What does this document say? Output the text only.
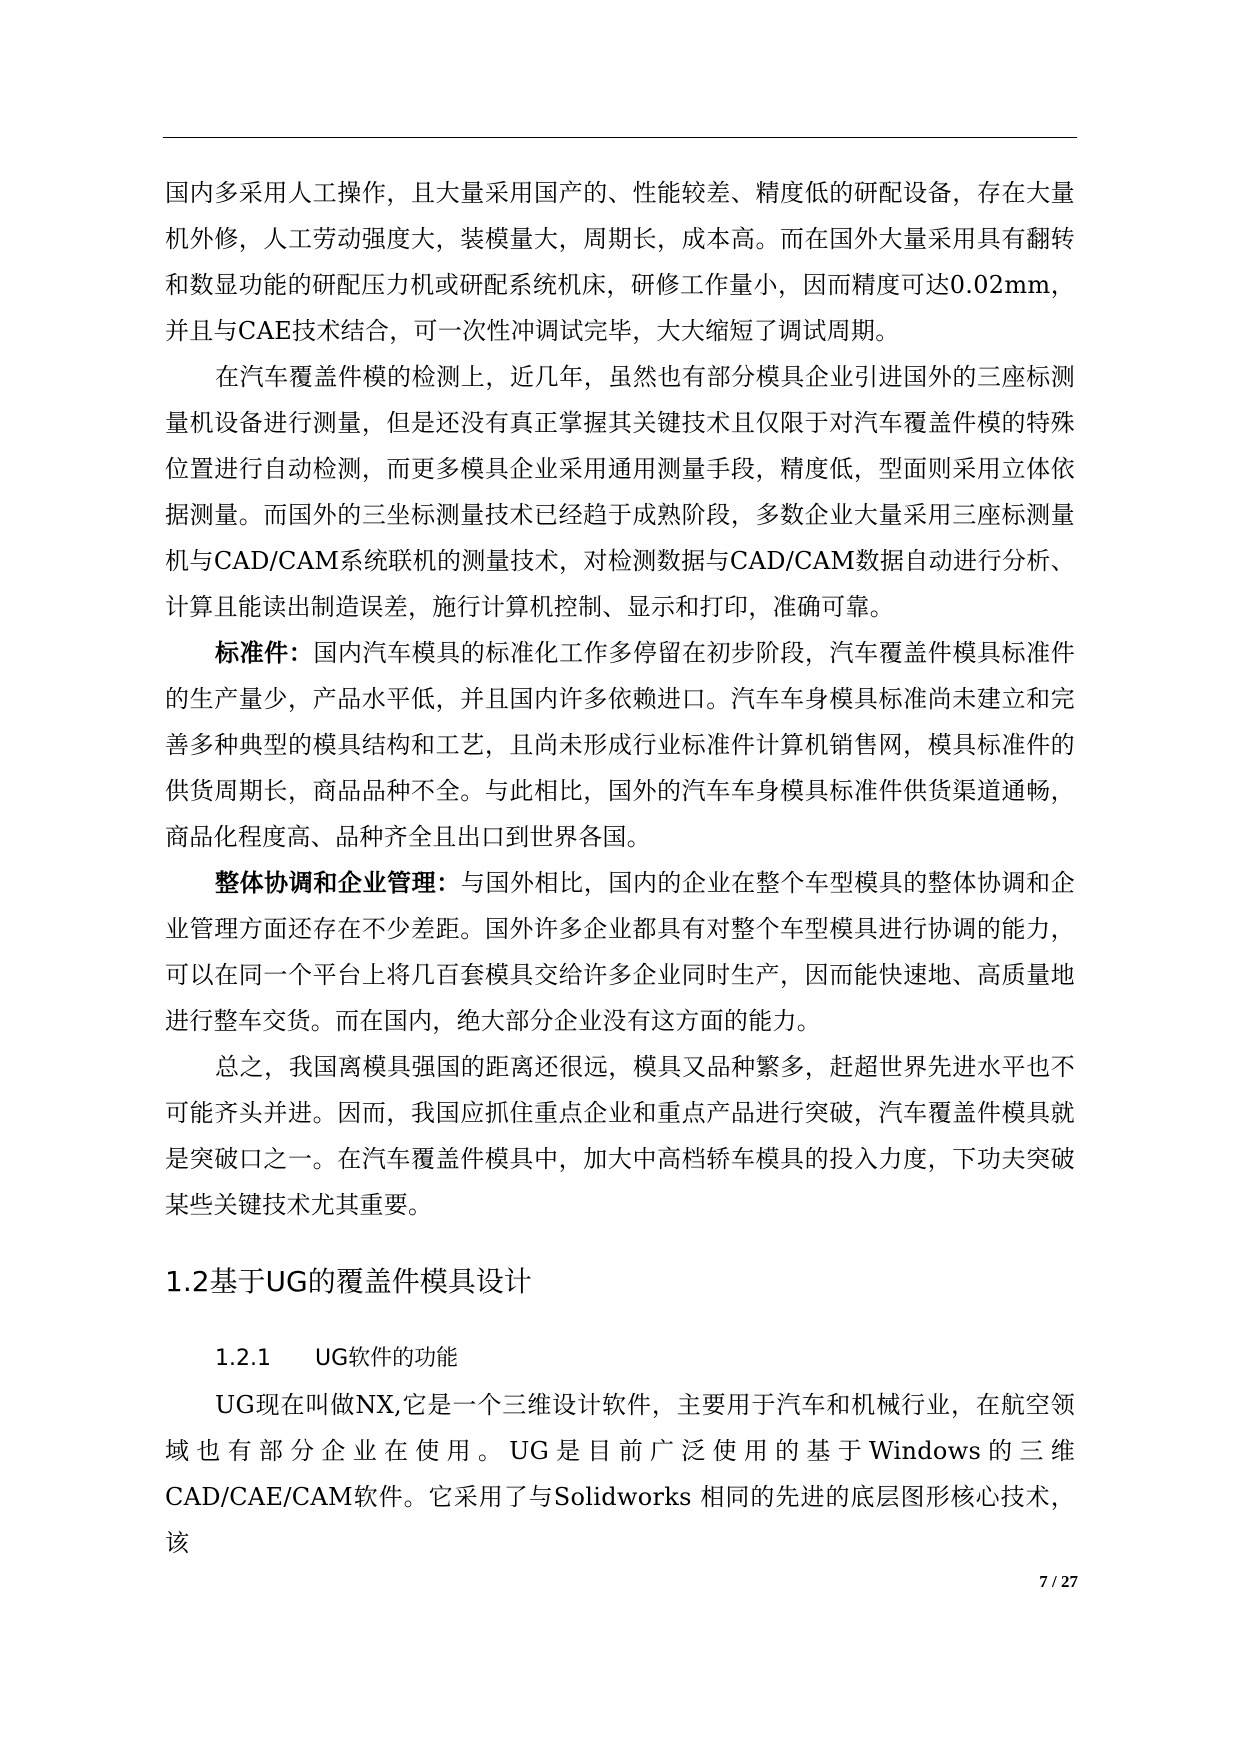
国内多采用人工操作，且大量采用国产的、性能较差、精度低的研配设备，存在大量机外修，人工劳动强度大，装模量大，周期长，成本高。而在国外大量采用具有翻转和数显功能的研配压力机或研配系统机床，研修工作量小，因而精度可达0.02mm，并且与CAE技术结合，可一次性冲调试完毕，大大缩短了调试周期。

在汽车覆盖件模的检测上，近几年，虽然也有部分模具企业引进国外的三座标测量机设备进行测量，但是还没有真正掌握其关键技术且仅限于对汽车覆盖件模的特殊位置进行自动检测，而更多模具企业采用通用测量手段，精度低，型面则采用立体依据测量。而国外的三坐标测量技术已经趋于成熟阶段，多数企业大量采用三座标测量机与CAD/CAM系统联机的测量技术，对检测数据与CAD/CAM数据自动进行分析、计算且能读出制造误差，施行计算机控制、显示和打印，准确可靠。

标准件：国内汽车模具的标准化工作多停留在初步阶段，汽车覆盖件模具标准件的生产量少，产品水平低，并且国内许多依赖进口。汽车车身模具标准尚未建立和完善多种典型的模具结构和工艺，且尚未形成行业标准件计算机销售网，模具标准件的供货周期长，商品品种不全。与此相比，国外的汽车车身模具标准件供货渠道通畅，商品化程度高、品种齐全且出口到世界各国。

整体协调和企业管理：与国外相比，国内的企业在整个车型模具的整体协调和企业管理方面还存在不少差距。国外许多企业都具有对整个车型模具进行协调的能力，可以在同一个平台上将几百套模具交给许多企业同时生产，因而能快速地、高质量地进行整车交货。而在国内，绝大部分企业没有这方面的能力。

总之，我国离模具强国的距离还很远，模具又品种繁多，赶超世界先进水平也不可能齐头并进。因而，我国应抓住重点企业和重点产品进行突破，汽车覆盖件模具就是突破口之一。在汽车覆盖件模具中，加大中高档轿车模具的投入力度，下功夫突破某些关键技术尤其重要。

1.2基于UG的覆盖件模具设计
1.2.1	UG软件的功能

UG现在叫做NX,它是一个三维设计软件，主要用于汽车和机械行业，在航空领域也有部分企业在使用。UG是目前广泛使用的基于Windows的三维CAD/CAE/CAM软件。它采用了与Solidworks 相同的先进的底层图形核心技术，该

7 / 27
